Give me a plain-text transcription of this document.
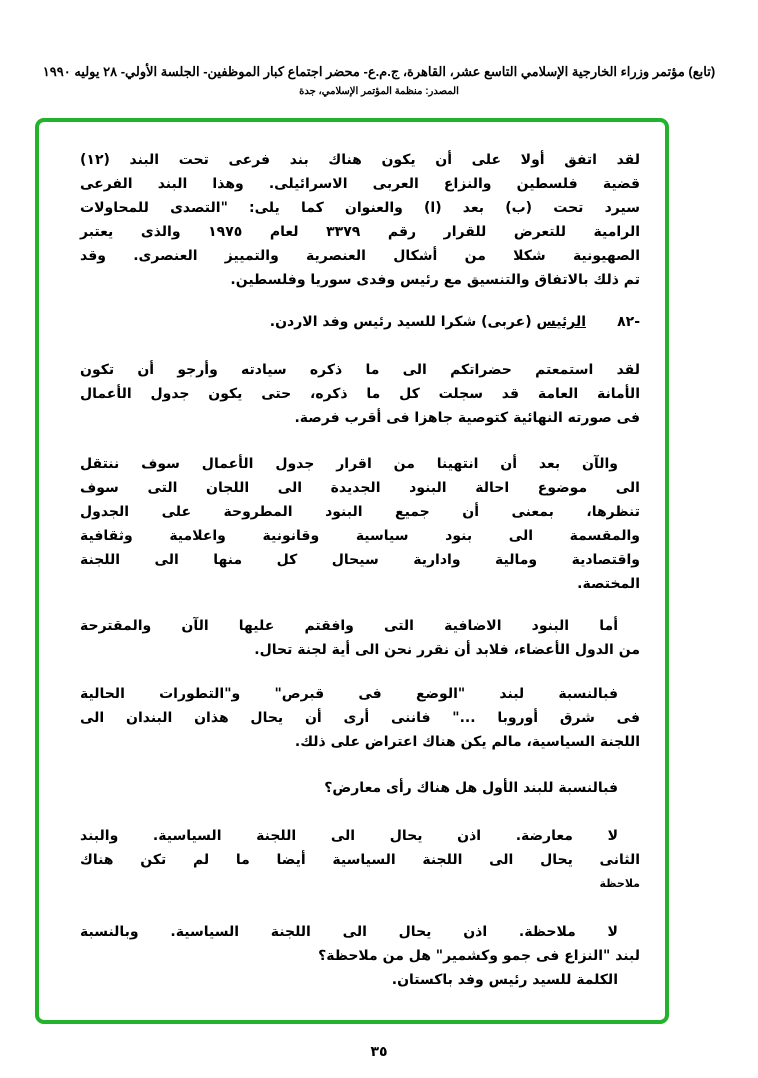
(تابع) مؤتمر وزراء الخارجية الإسلامي التاسع عشر، القاهرة، ج.م.ع- محضر اجتماع كبار الموظفين- الجلسة الأولي- ٢٨ يوليه ١٩٩٠
المصدر: منظمة المؤتمر الإسلامي، جدة
لقد اتفق أولا على أن يكون هناك بند فرعى تحت البند (١٢)
قضية فلسطين والنزاع العربى الاسرائيلى. وهذا البند الفرعى
سيرد تحت (ب) بعد (ا) والعنوان كما يلى: "التصدى للمحاولات
الرامية للتعرض للقرار رقم ٣٣٧٩ لعام ١٩٧٥ والذى يعتبر
الصهيونية شكلا من أشكال العنصرية والتمييز العنصرى. وقد
تم ذلك بالاتفاق والتنسيق مع رئيس وفدى سوريا وفلسطين.
-٨٢
الرئيس (عربى) شكرا للسيد رئيس وفد الاردن.
لقد استمعتم حضراتكم الى ما ذكره سيادته وأرجو أن تكون
الأمانة العامة قد سجلت كل ما ذكره، حتى يكون جدول الأعمال
فى صورته النهائية كتوصية جاهزا فى أقرب فرصة.
والآن بعد أن انتهينا من اقرار جدول الأعمال سوف ننتقل
الى موضوع احالة البنود الجديدة الى اللجان التى سوف
تنظرها، بمعنى أن جميع البنود المطروحة على الجدول
والمقسمة الى بنود سياسية وقانونية واعلامية وثقافية
واقتصادية ومالية وادارية سيحال كل منها الى اللجنة
المختصة.
أما البنود الاضافية التى وافقتم عليها الآن والمقترحة
من الدول الأعضاء، فلابد أن نقرر نحن الى أية لجنة تحال.
فبالنسبة لبند "الوضع فى قبرص" و"التطورات الحالية
فى شرق أوروبا ..." فاننى أرى أن يحال هذان البندان الى
اللجنة السياسية، مالم يكن هناك اعتراض على ذلك.
فبالنسبة للبند الأول هل هناك رأى معارض؟
لا معارضة. اذن يحال الى اللجنة السياسية. والبند
الثانى يحال الى اللجنة السياسية أيضا ما لم تكن هناك
ملاحظة
لا ملاحظة. اذن يحال الى اللجنة السياسية. وبالنسبة
لبند "النزاع فى جمو وكشمير" هل من ملاحظة؟
الكلمة للسيد رئيس وفد باكستان.
٣٥
